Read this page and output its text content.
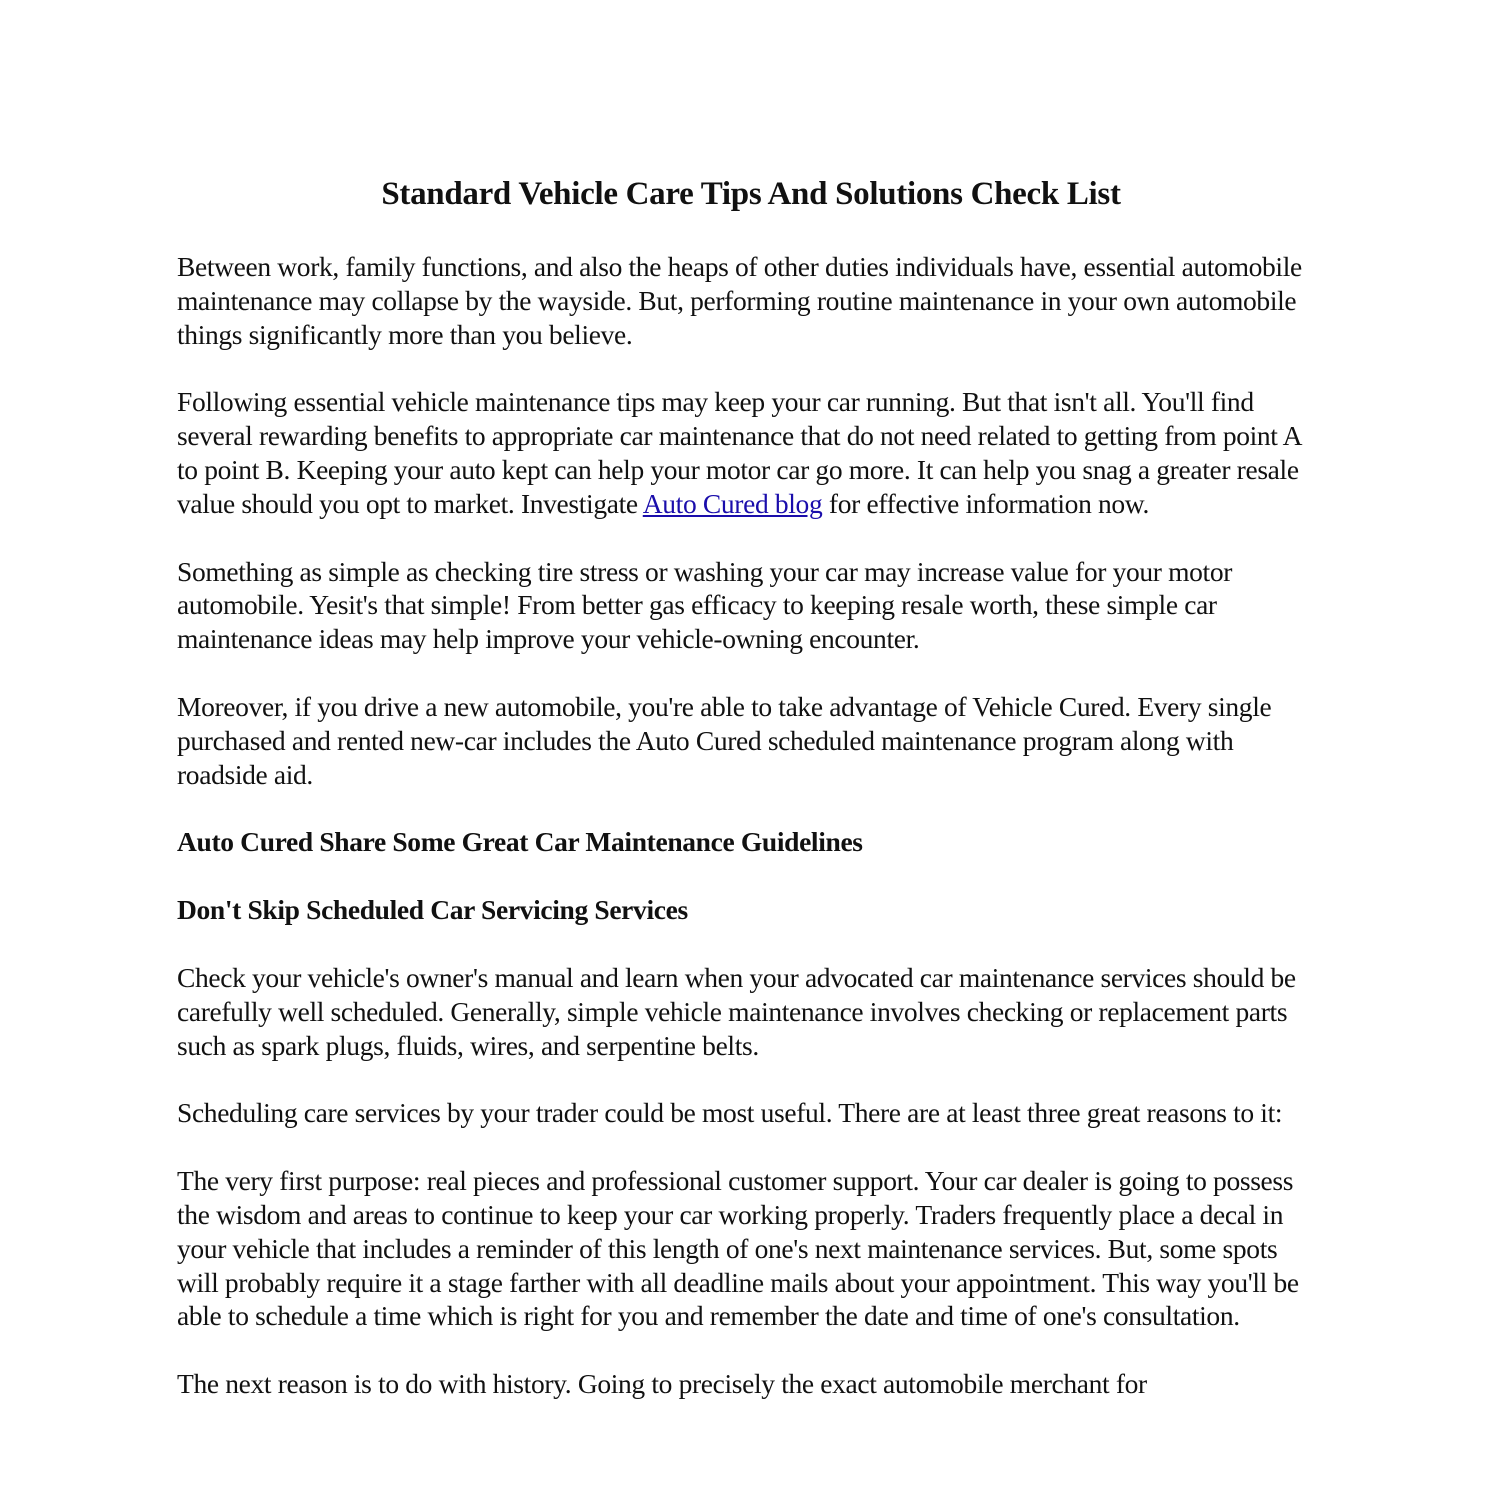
Standard Vehicle Care Tips And Solutions Check List

Between work, family functions, and also the heaps of other duties individuals have, essential automobile maintenance may collapse by the wayside. But, performing routine maintenance in your own automobile things significantly more than you believe.

Following essential vehicle maintenance tips may keep your car running. But that isn't all. You'll find several rewarding benefits to appropriate car maintenance that do not need related to getting from point A to point B. Keeping your auto kept can help your motor car go more. It can help you snag a greater resale value should you opt to market. Investigate Auto Cured blog for effective information now.

Something as simple as checking tire stress or washing your car may increase value for your motor automobile. Yesit's that simple! From better gas efficacy to keeping resale worth, these simple car maintenance ideas may help improve your vehicle-owning encounter.

Moreover, if you drive a new automobile, you're able to take advantage of Vehicle Cured. Every single purchased and rented new-car includes the Auto Cured scheduled maintenance program along with roadside aid.

Auto Cured Share Some Great Car Maintenance Guidelines
Don't Skip Scheduled Car Servicing Services

Check your vehicle's owner's manual and learn when your advocated car maintenance services should be carefully well scheduled. Generally, simple vehicle maintenance involves checking or replacement parts such as spark plugs, fluids, wires, and serpentine belts.

Scheduling care services by your trader could be most useful. There are at least three great reasons to it:

The very first purpose: real pieces and professional customer support. Your car dealer is going to possess the wisdom and areas to continue to keep your car working properly. Traders frequently place a decal in your vehicle that includes a reminder of this length of one's next maintenance services. But, some spots will probably require it a stage farther with all deadline mails about your appointment. This way you'll be able to schedule a time which is right for you and remember the date and time of one's consultation.

The next reason is to do with history. Going to precisely the exact automobile merchant for
